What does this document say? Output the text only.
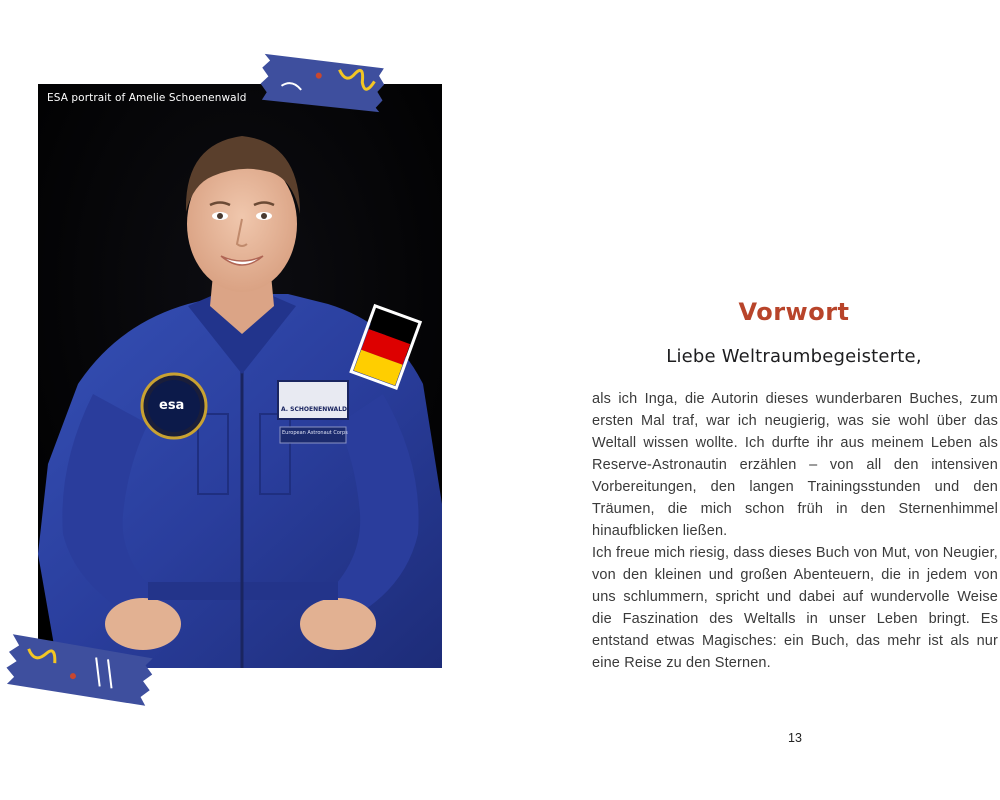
ESA portrait of Amelie Schoenenwald
esa	A. SCHOENENWALD
European Astronaut Corps
Vorwort
Liebe Weltraumbegeisterte,

als ich Inga, die Autorin dieses wunderbaren Buches, zum ersten Mal traf, war ich neugierig, was sie wohl über das Weltall wissen wollte. Ich durfte ihr aus meinem Leben als Reserve-Astronautin erzählen – von all den intensiven Vorbereitungen, den langen Trainingsstunden und den Träumen, die mich schon früh in den Sternenhimmel hinaufblicken ließen.

Ich freue mich riesig, dass dieses Buch von Mut, von Neugier, von den kleinen und großen Abenteuern, die in jedem von uns schlummern, spricht und dabei auf wundervolle Weise die Faszination des Weltalls in unser Leben bringt. Es entstand etwas Magisches: ein Buch, das mehr ist als nur eine Reise zu den Sternen.

13
